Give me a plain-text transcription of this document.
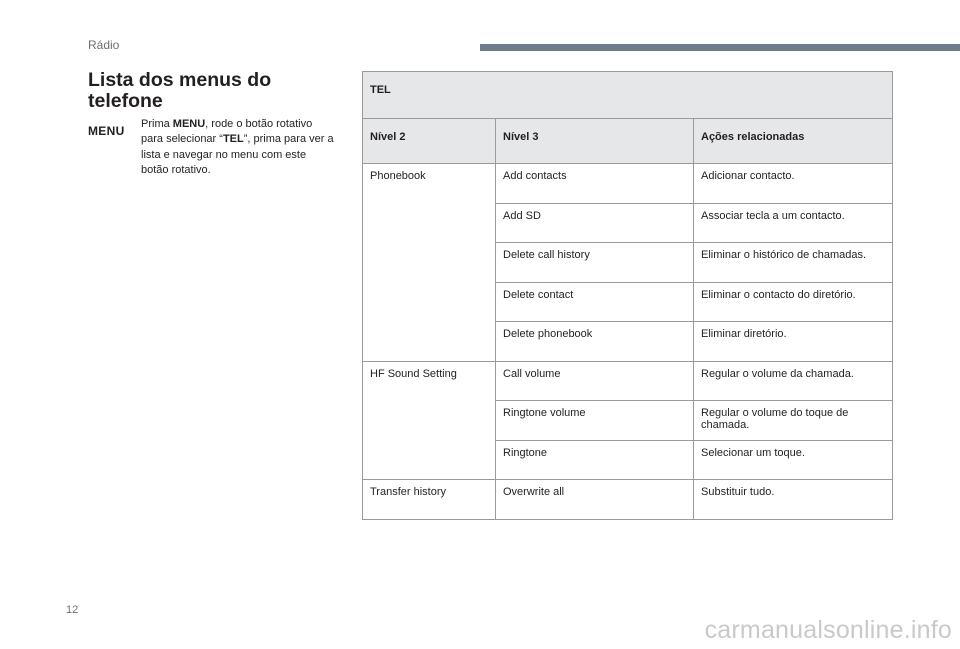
Rádio
Lista dos menus do telefone
MENU Prima MENU, rode o botão rotativo para selecionar “TEL”, prima para ver a lista e navegar no menu com este botão rotativo.

TEL		
Nível 2	Nível 3	Ações relacionadas
Phonebook	Add contacts	Adicionar contacto.
	Add SD	Associar tecla a um contacto.
	Delete call history	Eliminar o histórico de chamadas.
	Delete contact	Eliminar o contacto do diretório.
	Delete phonebook	Eliminar diretório.
HF Sound Setting	Call volume	Regular o volume da chamada.
	Ringtone volume	Regular o volume do toque de chamada.
	Ringtone	Selecionar um toque.
Transfer history	Overwrite all	Substituir tudo.
12
carmanualsonline.info
